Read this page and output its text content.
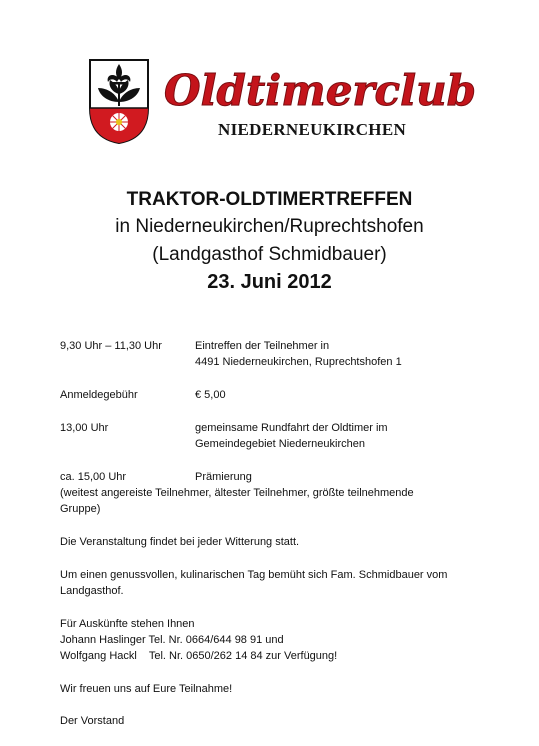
Oldtimerclub
NIEDERNEUKIRCHEN
TRAKTOR-OLDTIMERTREFFEN
in Niederneukirchen/Ruprechtshofen
(Landgasthof Schmidbauer)
23. Juni 2012
9,30 Uhr – 11,30 Uhr	Eintreffen der Teilnehmer in
4491 Niederneukirchen, Ruprechtshofen 1
Anmeldegebühr	€ 5,00
13,00 Uhr	gemeinsame Rundfahrt der Oldtimer im
Gemeindegebiet Niederneukirchen
ca. 15,00 Uhr	Prämierung
(weitest angereiste Teilnehmer, ältester Teilnehmer, größte teilnehmende
Gruppe)
Die Veranstaltung findet bei jeder Witterung statt.
Um einen genussvollen, kulinarischen Tag bemüht sich Fam. Schmidbauer vom
Landgasthof.
Für Auskünfte stehen Ihnen
Johann Haslinger Tel. Nr. 0664/644 98 91 und
Wolfgang Hackl    Tel. Nr. 0650/262 14 84 zur Verfügung!
Wir freuen uns auf Eure Teilnahme!
Der Vorstand
